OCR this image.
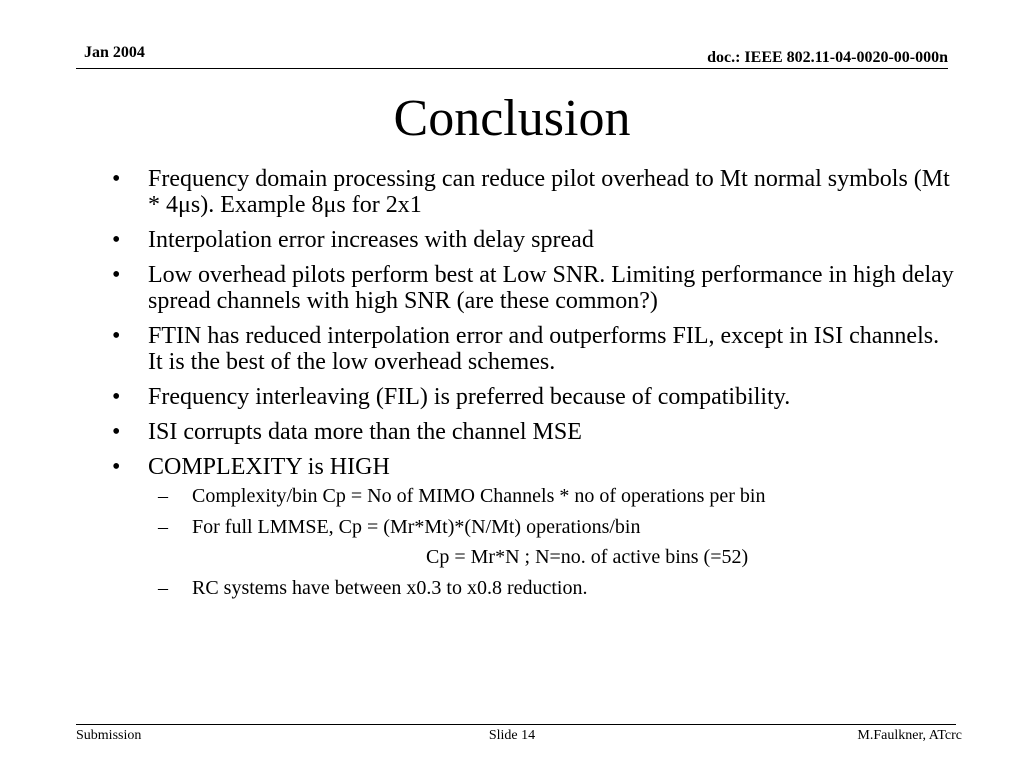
Jan 2004	doc.: IEEE 802.11-04-0020-00-000n
Conclusion
• Frequency domain processing can reduce pilot overhead to Mt normal symbols (Mt * 4μs). Example 8μs for 2x1
• Interpolation error increases with delay spread
• Low overhead pilots perform best at Low SNR. Limiting performance in high delay spread channels with high SNR (are these common?)
• FTIN has reduced interpolation error and outperforms FIL, except in ISI channels. It is the best of the low overhead schemes.
• Frequency interleaving (FIL) is preferred because of compatibility.
• ISI corrupts data more than the channel MSE
• COMPLEXITY is HIGH
– Complexity/bin Cp = No of MIMO Channels * no of operations per bin
– For full LMMSE, Cp = (Mr*Mt)*(N/Mt) operations/bin
Cp = Mr*N ; N=no. of active bins (=52)
– RC systems have between x0.3 to x0.8 reduction.
Submission	Slide 14	M.Faulkner, ATcrc
